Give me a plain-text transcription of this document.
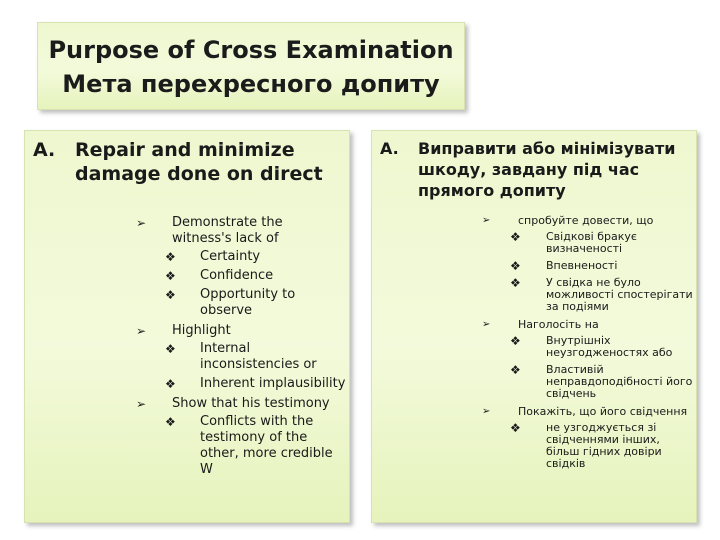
Purpose of Cross Examination
Мета перехресного допиту
A. Repair and minimize damage done on direct
➢ Demonstrate the witness's lack of
❖ Certainty
❖ Confidence
❖ Opportunity to observe
➢ Highlight
❖ Internal inconsistencies or
❖ Inherent implausibility
➢ Show that his testimony
❖ Conflicts with the testimony of the other, more credible W
A. Виправити або мінімізувати шкоду, завдану під час прямого допиту
➢	спробуйте довести, що
❖ Свідкові бракує визначеності
❖ Впевненості
❖ У свідка не було можливості спостерігати за подіями
➢	Наголосіть на
❖ Внутрішніх неузгодженостях або
❖ Властивій неправдоподібності його свідчень
➢	Покажіть, що його свідчення
❖ не узгоджується зі свідченнями інших, більш гідних довіри свідків
